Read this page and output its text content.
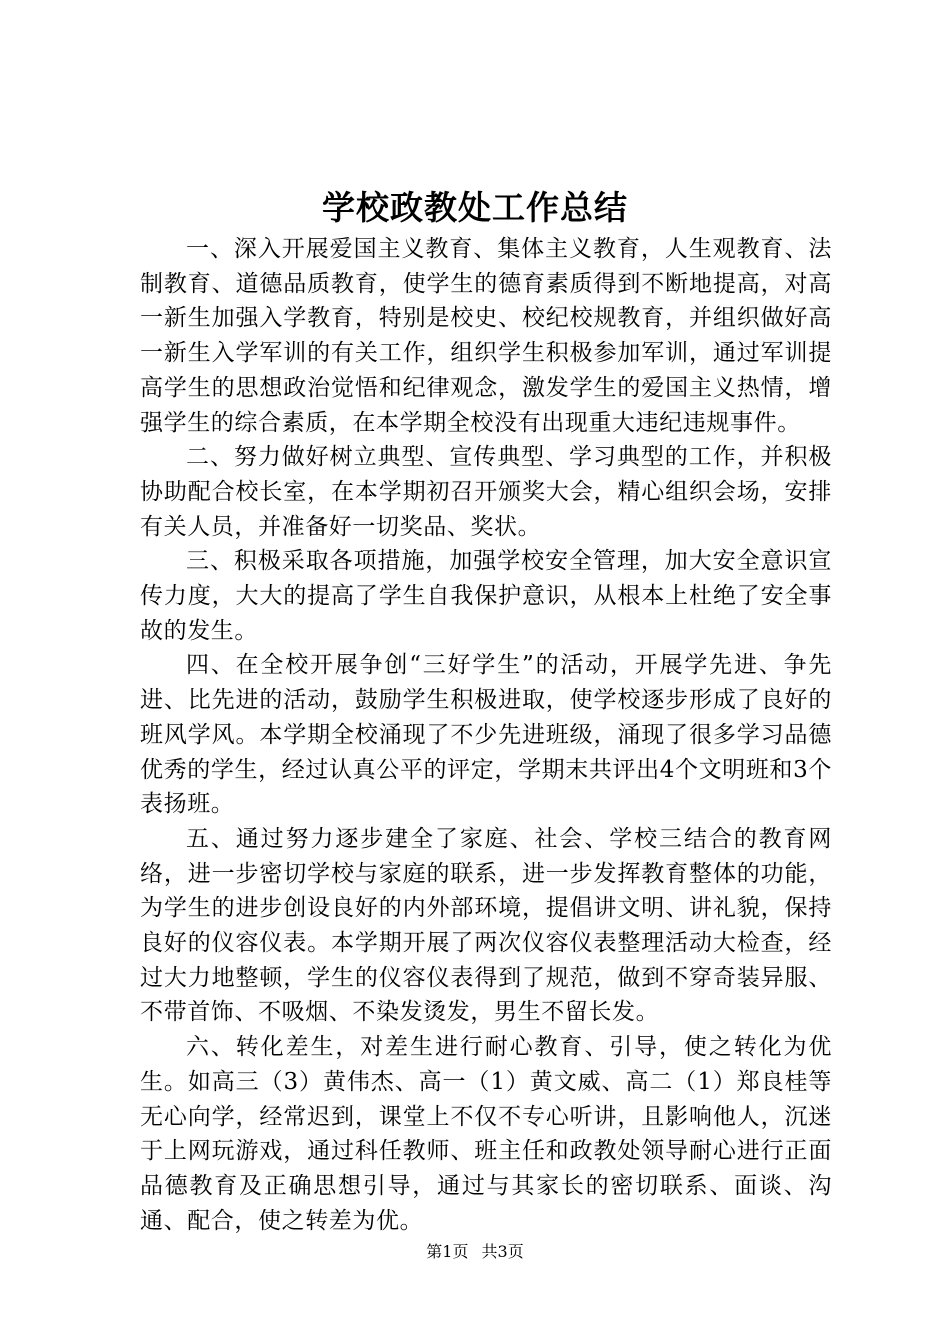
学校政教处工作总结

一、深入开展爱国主义教育、集体主义教育，人生观教育、法制教育、道德品质教育，使学生的德育素质得到不断地提高，对高一新生加强入学教育，特别是校史、校纪校规教育，并组织做好高一新生入学军训的有关工作，组织学生积极参加军训，通过军训提高学生的思想政治觉悟和纪律观念，激发学生的爱国主义热情，增强学生的综合素质，在本学期全校没有出现重大违纪违规事件。

二、努力做好树立典型、宣传典型、学习典型的工作，并积极协助配合校长室，在本学期初召开颁奖大会，精心组织会场，安排有关人员，并准备好一切奖品、奖状。

三、积极采取各项措施，加强学校安全管理，加大安全意识宣传力度，大大的提高了学生自我保护意识，从根本上杜绝了安全事故的发生。

四、在全校开展争创“三好学生”的活动，开展学先进、争先进、比先进的活动，鼓励学生积极进取，使学校逐步形成了良好的班风学风。本学期全校涌现了不少先进班级，涌现了很多学习品德优秀的学生，经过认真公平的评定，学期末共评出4个文明班和3个表扬班。

五、通过努力逐步建全了家庭、社会、学校三结合的教育网络，进一步密切学校与家庭的联系，进一步发挥教育整体的功能，为学生的进步创设良好的内外部环境，提倡讲文明、讲礼貌，保持良好的仪容仪表。本学期开展了两次仪容仪表整理活动大检查，经过大力地整顿，学生的仪容仪表得到了规范，做到不穿奇装异服、不带首饰、不吸烟、不染发烫发，男生不留长发。

六、转化差生，对差生进行耐心教育、引导，使之转化为优生。如高三（3）黄伟杰、高一（1）黄文威、高二（1）郑良桂等无心向学，经常迟到，课堂上不仅不专心听讲，且影响他人，沉迷于上网玩游戏，通过科任教师、班主任和政教处领导耐心进行正面品德教育及正确思想引导，通过与其家长的密切联系、面谈、沟通、配合，使之转差为优。

第1页 共3页
